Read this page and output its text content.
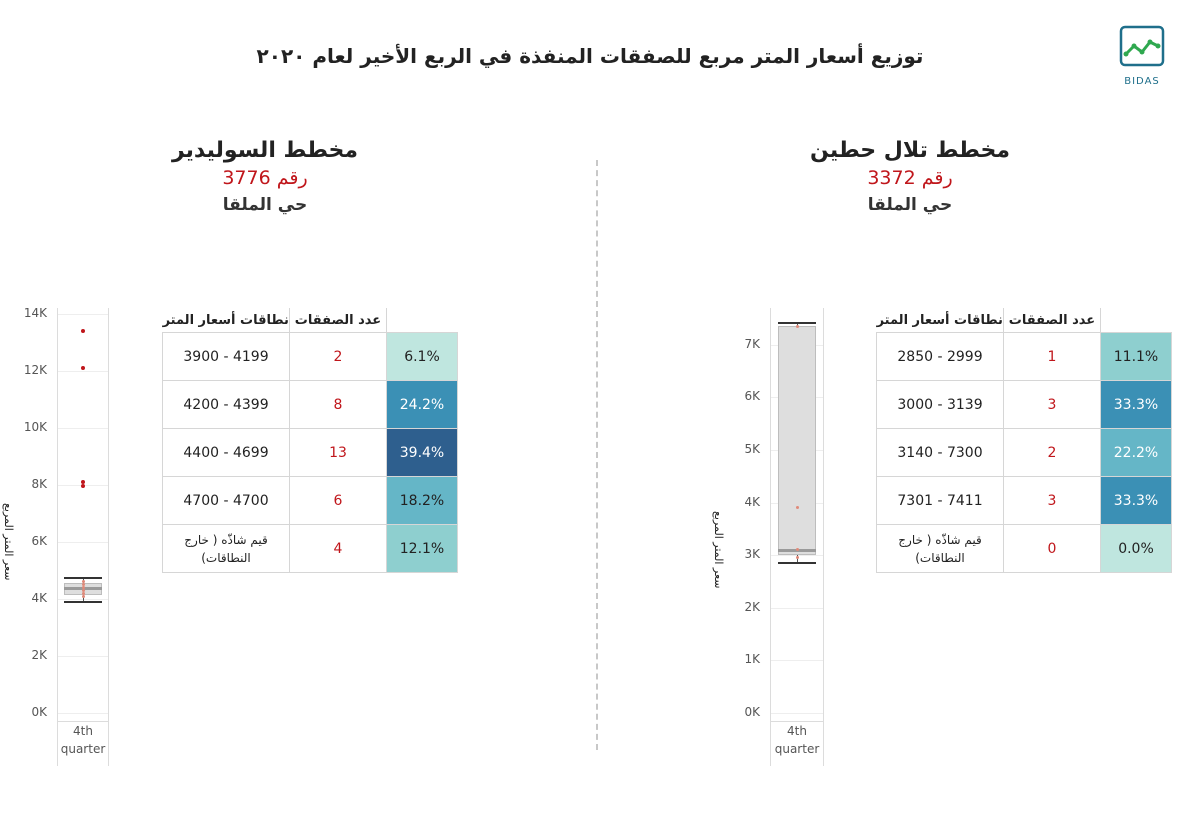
توزيع أسعار المتر مربع للصفقات المنفذة في الربع الأخير لعام ٢٠٢٠
BIDAS
مخطط السوليدير
رقم 3776
حي الملقا
مخطط تلال حطين
رقم 3372
حي الملقا
سعر المتر المربع
0K
2K
4K
6K
8K
10K
12K
14K
4th
quarter
سعر المتر المربع
0K
1K
2K
3K
4K
5K
6K
7K
4th
quarter
نطاقات أسعار المتر	عدد الصفقات	
3900 - 4199	2	6.1%
4200 - 4399	8	24.2%
4400 - 4699	13	39.4%
4700 - 4700	6	18.2%
قيم شاذّه ( خارج النطاقات)	4	12.1%
نطاقات أسعار المتر	عدد الصفقات	
2850 - 2999	1	11.1%
3000 - 3139	3	33.3%
3140 - 7300	2	22.2%
7301 - 7411	3	33.3%
قيم شاذّه ( خارج النطاقات)	0	0.0%
